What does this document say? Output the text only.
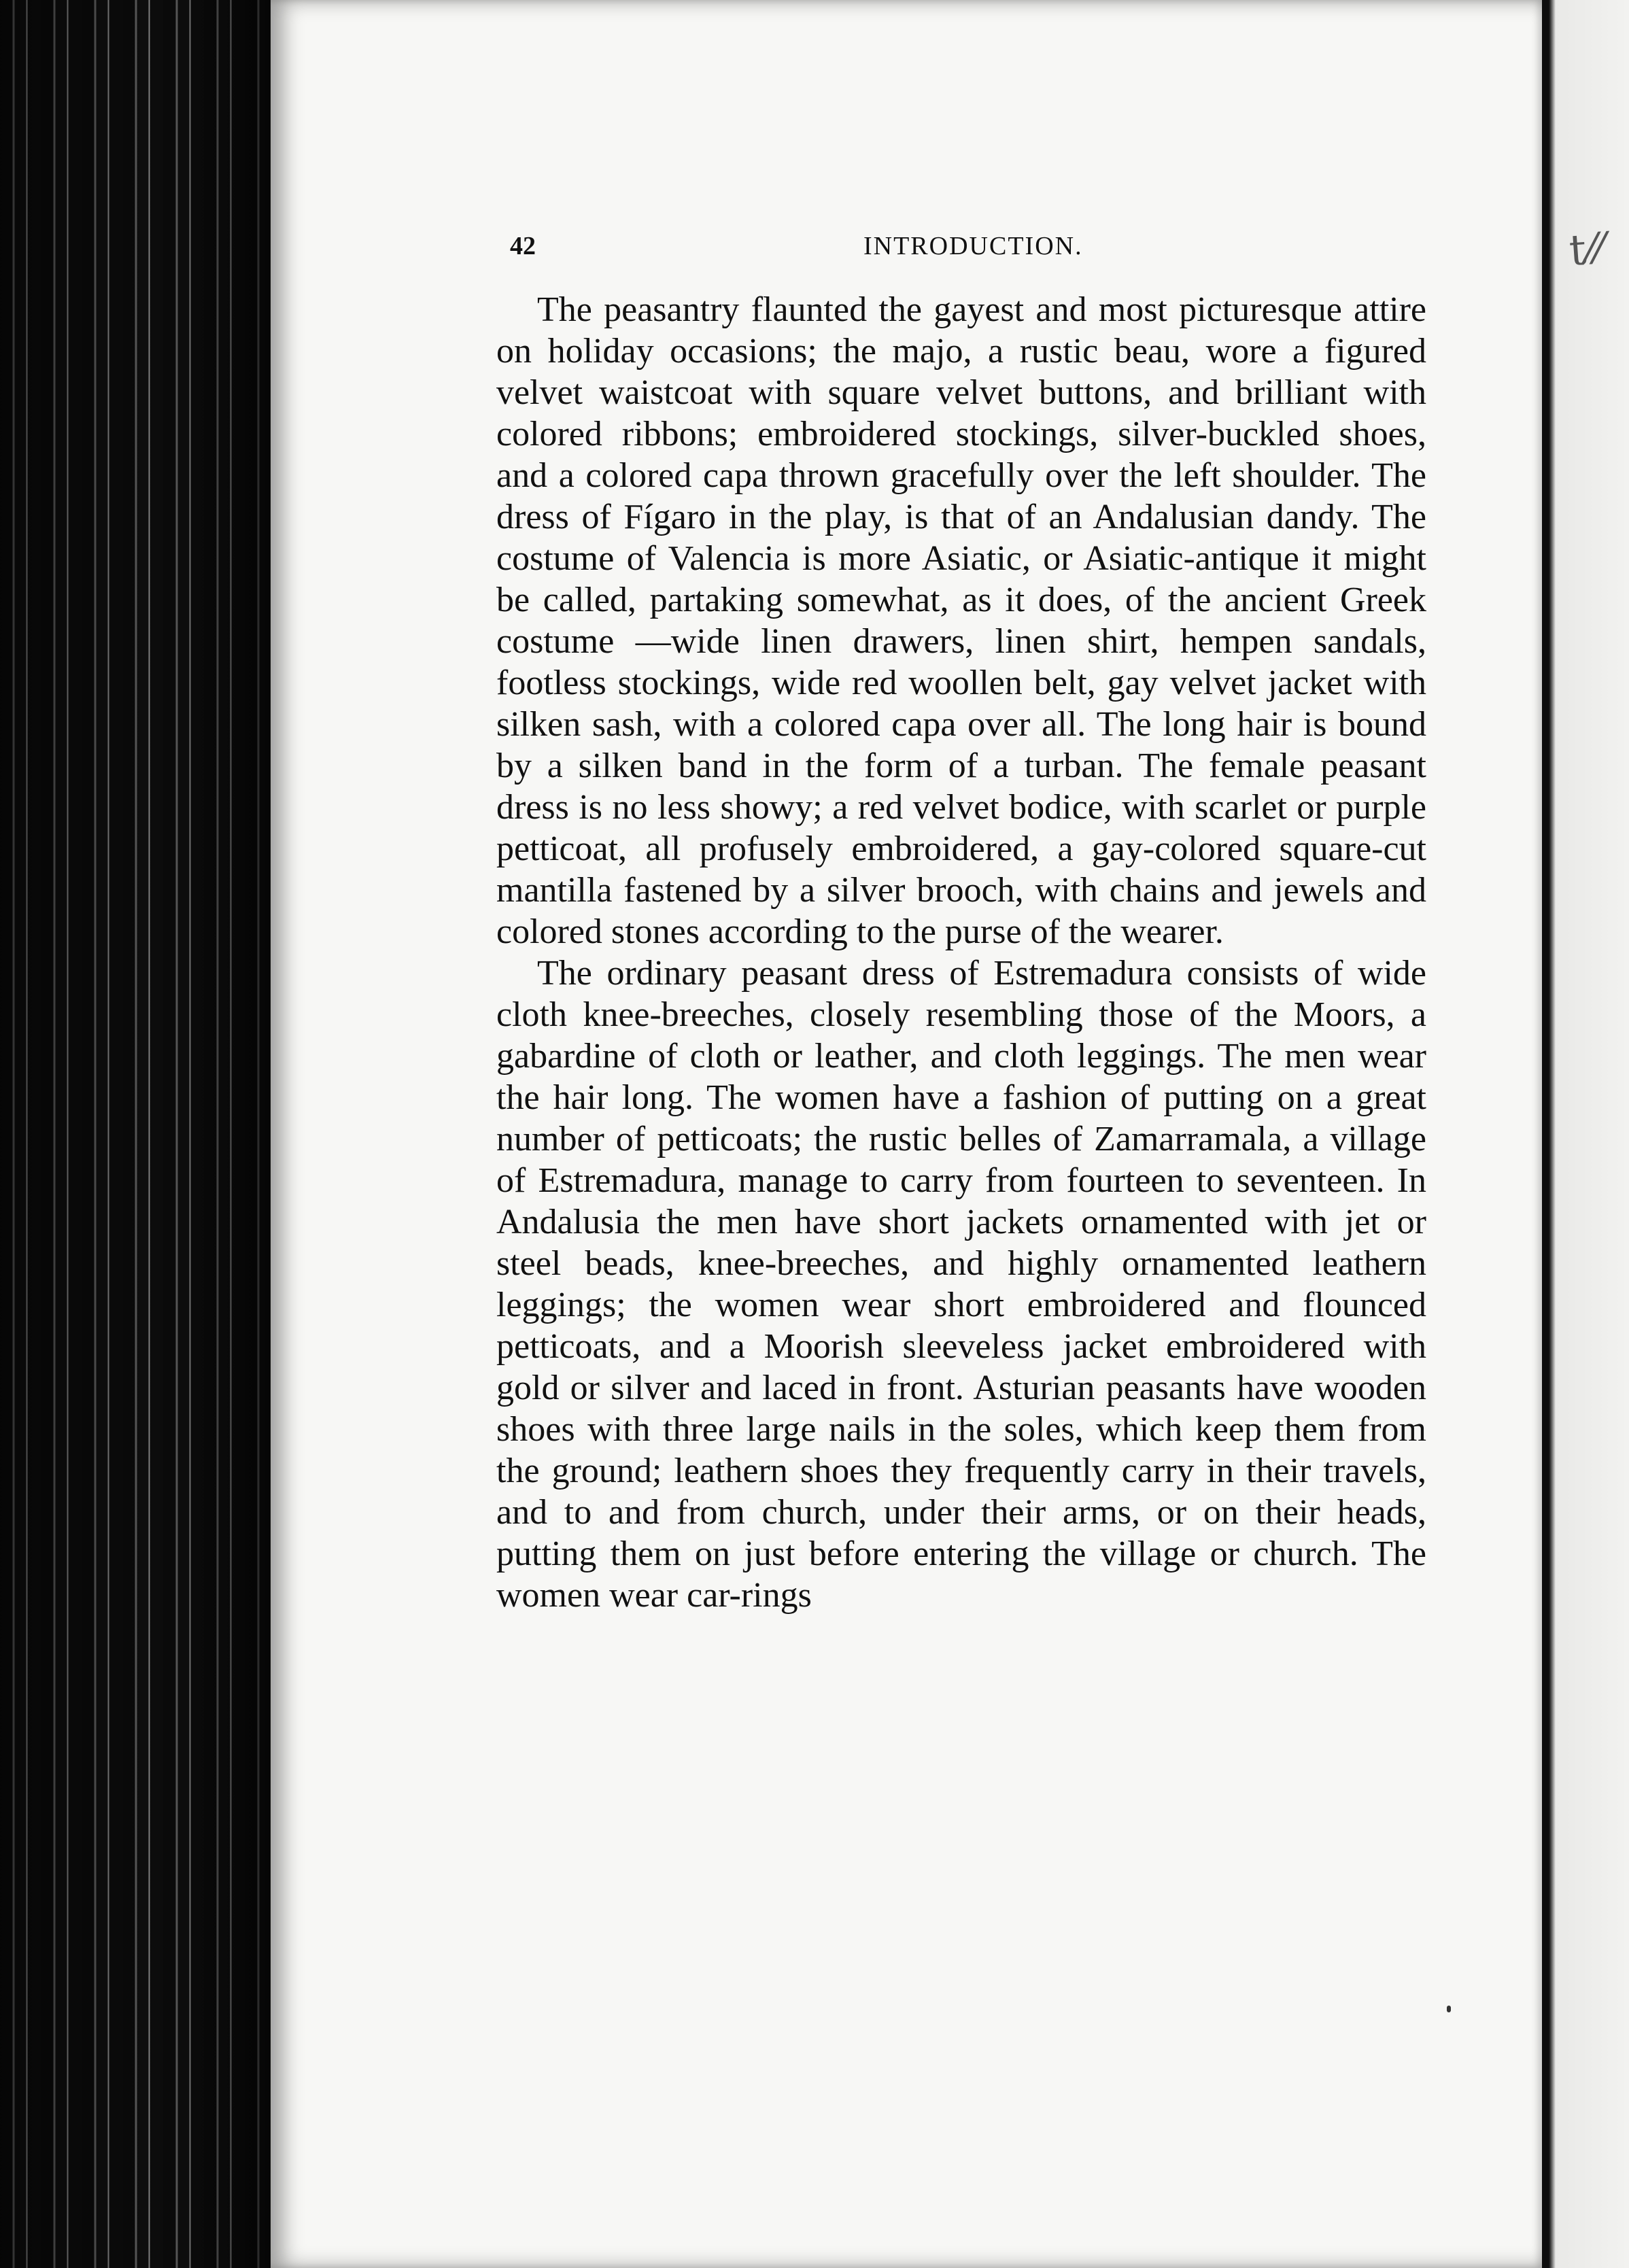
t⁄⁄
42	INTRODUCTION.

The peasantry flaunted the gayest and most picturesque attire on holiday occasions; the majo, a rustic beau, wore a figured velvet waistcoat with square velvet buttons, and brilliant with colored ribbons; embroidered stockings, silver-buckled shoes, and a colored capa thrown gracefully over the left shoulder. The dress of Fígaro in the play, is that of an Andalusian dandy. The costume of Valencia is more Asiatic, or Asiatic-antique it might be called, partaking somewhat, as it does, of the ancient Greek costume —wide linen drawers, linen shirt, hempen sandals, footless stockings, wide red woollen belt, gay velvet jacket with silken sash, with a colored capa over all. The long hair is bound by a silken band in the form of a turban. The female peasant dress is no less showy; a red velvet bodice, with scarlet or purple petticoat, all profusely embroidered, a gay-colored square-cut mantilla fastened by a silver brooch, with chains and jewels and colored stones according to the purse of the wearer.

The ordinary peasant dress of Estremadura consists of wide cloth knee-breeches, closely resembling those of the Moors, a gabardine of cloth or leather, and cloth leggings. The men wear the hair long. The women have a fashion of putting on a great number of petticoats; the rustic belles of Zamarramala, a village of Estremadura, manage to carry from fourteen to seventeen. In Andalusia the men have short jackets ornamented with jet or steel beads, knee-breeches, and highly ornamented leathern leggings; the women wear short embroidered and flounced petticoats, and a Moorish sleeveless jacket embroidered with gold or silver and laced in front. Asturian peasants have wooden shoes with three large nails in the soles, which keep them from the ground; leathern shoes they frequently carry in their travels, and to and from church, under their arms, or on their heads, putting them on just before entering the village or church. The women wear car-rings
